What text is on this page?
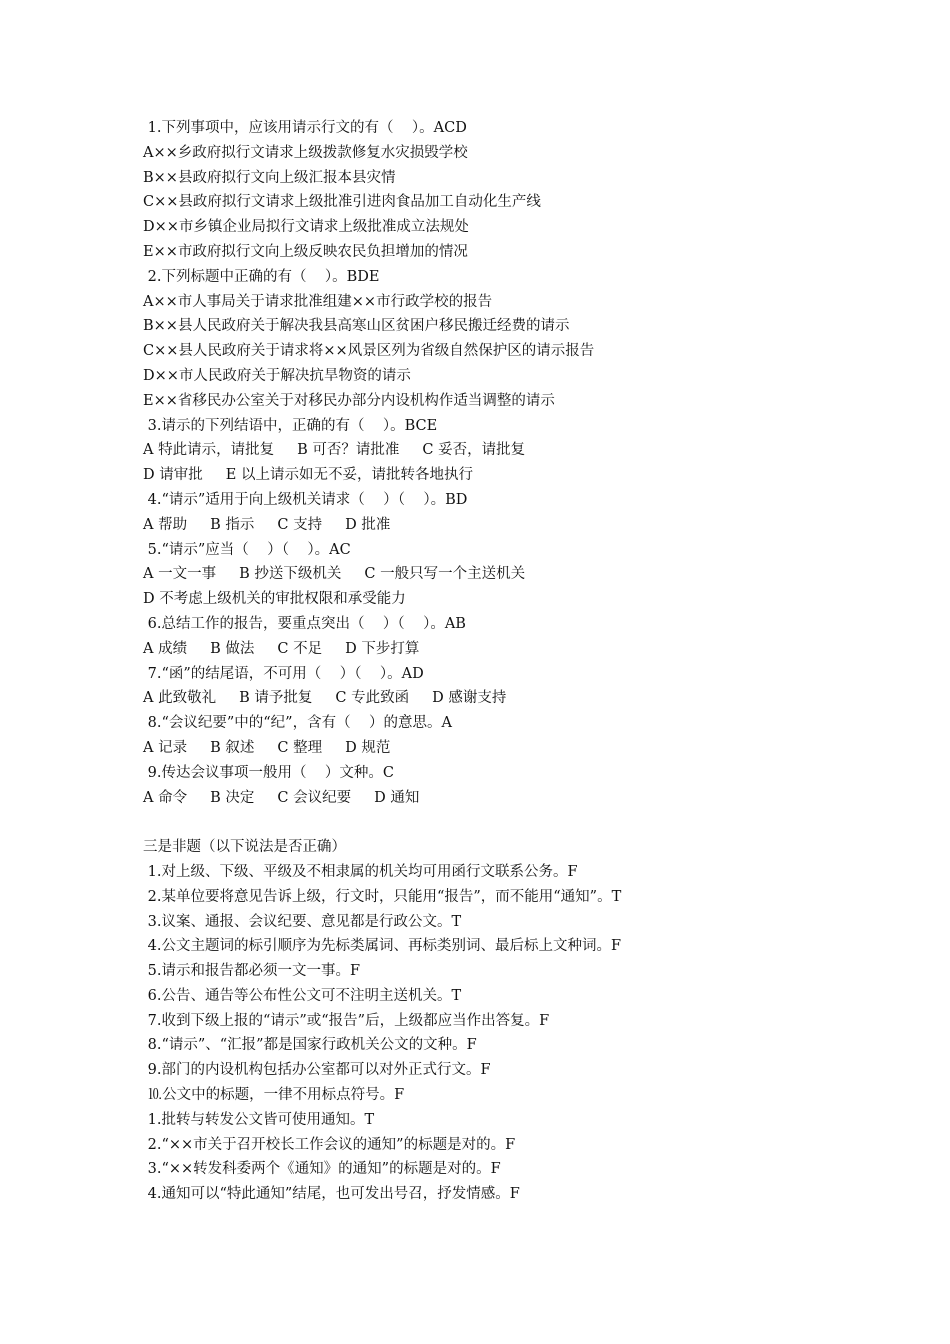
1.下列事项中，应该用请示行文的有（    ）。ACD
A××乡政府拟行文请求上级拨款修复水灾损毁学校
B××县政府拟行文向上级汇报本县灾情
C××县政府拟行文请求上级批准引进肉食品加工自动化生产线
D××市乡镇企业局拟行文请求上级批准成立法规处
E××市政府拟行文向上级反映农民负担增加的情况
2.下列标题中正确的有（    ）。BDE
A××市人事局关于请求批准组建××市行政学校的报告
B××县人民政府关于解决我县高寒山区贫困户移民搬迁经费的请示
C××县人民政府关于请求将××风景区列为省级自然保护区的请示报告
D××市人民政府关于解决抗旱物资的请示
E××省移民办公室关于对移民办部分内设机构作适当调整的请示
3.请示的下列结语中，正确的有（    ）。BCE
A 特此请示，请批复     B 可否？请批准     C 妥否，请批复
D 请审批     E 以上请示如无不妥，请批转各地执行
4.“请示”适用于向上级机关请求（    ）（    ）。BD
A 帮助     B 指示     C 支持     D 批准
5.“请示”应当（    ）（    ）。AC
A 一文一事     B 抄送下级机关     C 一般只写一个主送机关
D 不考虑上级机关的审批权限和承受能力
6.总结工作的报告，要重点突出（    ）（    ）。AB
A 成绩     B 做法     C 不足     D 下步打算
7.“函”的结尾语，不可用（    ）（    ）。AD
A 此致敬礼     B 请予批复     C 专此致函     D 感谢支持
8.“会议纪要”中的“纪”，含有（    ）的意思。A
A 记录     B 叙述     C 整理     D 规范
9.传达会议事项一般用（    ）文种。C
A 命令     B 决定     C 会议纪要     D 通知
三是非题（以下说法是否正确）
1.对上级、下级、平级及不相隶属的机关均可用函行文联系公务。F
2.某单位要将意见告诉上级，行文时，只能用“报告”，而不能用“通知”。T
3.议案、通报、会议纪要、意见都是行政公文。T
4.公文主题词的标引顺序为先标类属词、再标类别词、最后标上文种词。F
5.请示和报告都必须一文一事。F
6.公告、通告等公布性公文可不注明主送机关。T
7.收到下级上报的“请示”或“报告”后，上级都应当作出答复。F
8.“请示”、“汇报”都是国家行政机关公文的文种。F
9.部门的内设机构包括办公室都可以对外正式行文。F
⒑公文中的标题，一律不用标点符号。F
1.批转与转发公文皆可使用通知。T
2.“××市关于召开校长工作会议的通知”的标题是对的。F
3.“××转发科委两个《通知》的通知”的标题是对的。F
4.通知可以“特此通知”结尾，也可发出号召，抒发情感。F
